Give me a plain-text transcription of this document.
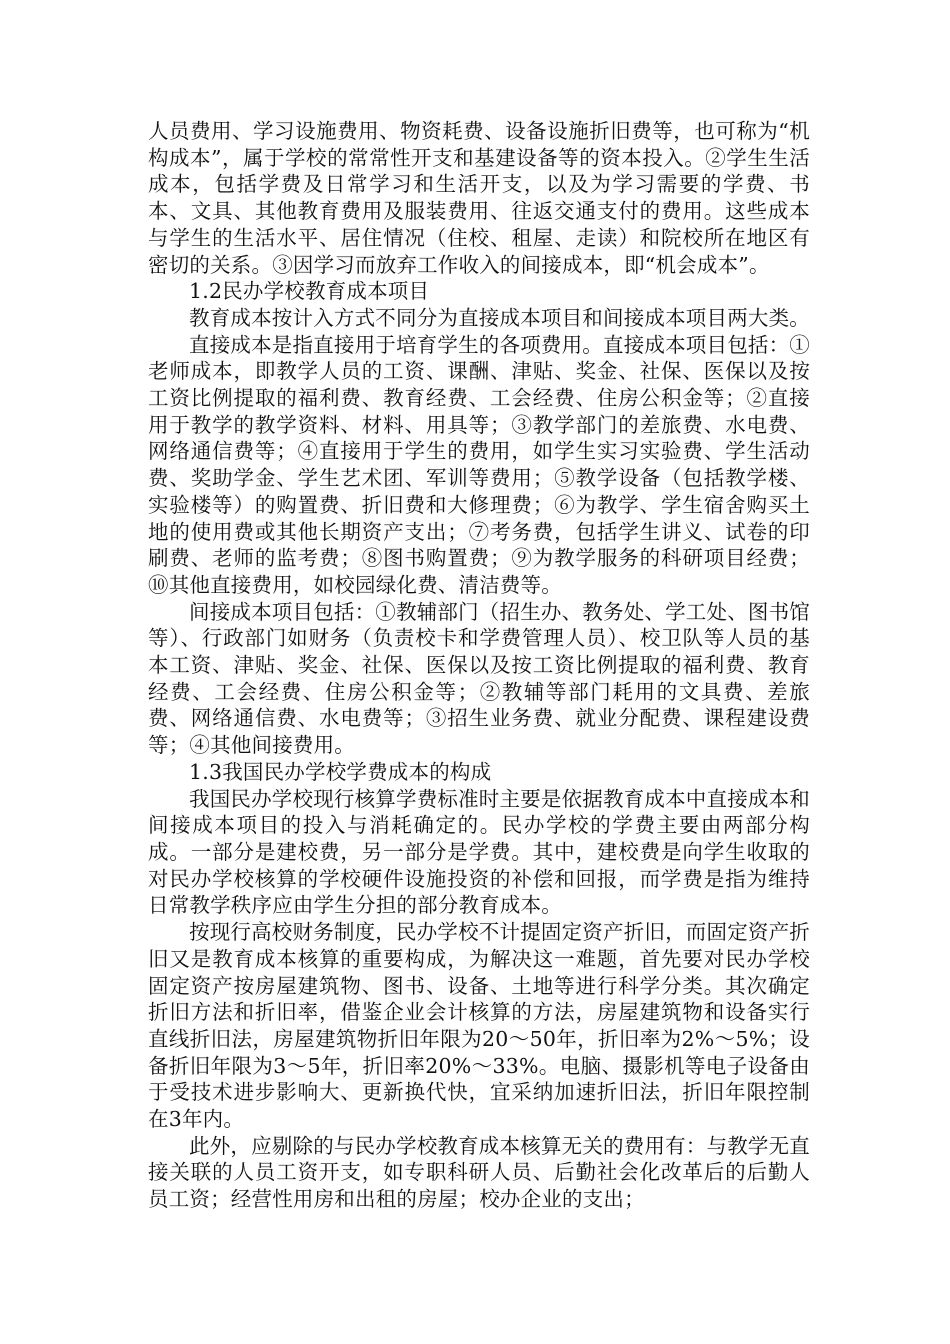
人员费用、学习设施费用、物资耗费、设备设施折旧费等，也可称为“机构成本”，属于学校的常常性开支和基建设备等的资本投入。②学生生活成本，包括学费及日常学习和生活开支，以及为学习需要的学费、书本、文具、其他教育费用及服装费用、往返交通支付的费用。这些成本与学生的生活水平、居住情况（住校、租屋、走读）和院校所在地区有密切的关系。③因学习而放弃工作收入的间接成本，即“机会成本”。

1.2民办学校教育成本项目

教育成本按计入方式不同分为直接成本项目和间接成本项目两大类。

直接成本是指直接用于培育学生的各项费用。直接成本项目包括：①老师成本，即教学人员的工资、课酬、津贴、奖金、社保、医保以及按工资比例提取的福利费、教育经费、工会经费、住房公积金等；②直接用于教学的教学资料、材料、用具等；③教学部门的差旅费、水电费、网络通信费等；④直接用于学生的费用，如学生实习实验费、学生活动费、奖助学金、学生艺术团、军训等费用；⑤教学设备（包括教学楼、实验楼等）的购置费、折旧费和大修理费；⑥为教学、学生宿舍购买土地的使用费或其他长期资产支出；⑦考务费，包括学生讲义、试卷的印刷费、老师的监考费；⑧图书购置费；⑨为教学服务的科研项目经费；⑩其他直接费用，如校园绿化费、清洁费等。

间接成本项目包括：①教辅部门（招生办、教务处、学工处、图书馆等）、行政部门如财务（负责校卡和学费管理人员）、校卫队等人员的基本工资、津贴、奖金、社保、医保以及按工资比例提取的福利费、教育经费、工会经费、住房公积金等；②教辅等部门耗用的文具费、差旅费、网络通信费、水电费等；③招生业务费、就业分配费、课程建设费等；④其他间接费用。

1.3我国民办学校学费成本的构成

我国民办学校现行核算学费标准时主要是依据教育成本中直接成本和间接成本项目的投入与消耗确定的。民办学校的学费主要由两部分构成。一部分是建校费，另一部分是学费。其中，建校费是向学生收取的对民办学校核算的学校硬件设施投资的补偿和回报，而学费是指为维持日常教学秩序应由学生分担的部分教育成本。

按现行高校财务制度，民办学校不计提固定资产折旧，而固定资产折旧又是教育成本核算的重要构成，为解决这一难题，首先要对民办学校固定资产按房屋建筑物、图书、设备、土地等进行科学分类。其次确定折旧方法和折旧率，借鉴企业会计核算的方法，房屋建筑物和设备实行直线折旧法，房屋建筑物折旧年限为20～50年，折旧率为2%～5%；设备折旧年限为3～5年，折旧率20%～33%。电脑、摄影机等电子设备由于受技术进步影响大、更新换代快，宜采纳加速折旧法，折旧年限控制在3年内。

此外，应剔除的与民办学校教育成本核算无关的费用有：与教学无直接关联的人员工资开支，如专职科研人员、后勤社会化改革后的后勤人员工资；经营性用房和出租的房屋；校办企业的支出；
